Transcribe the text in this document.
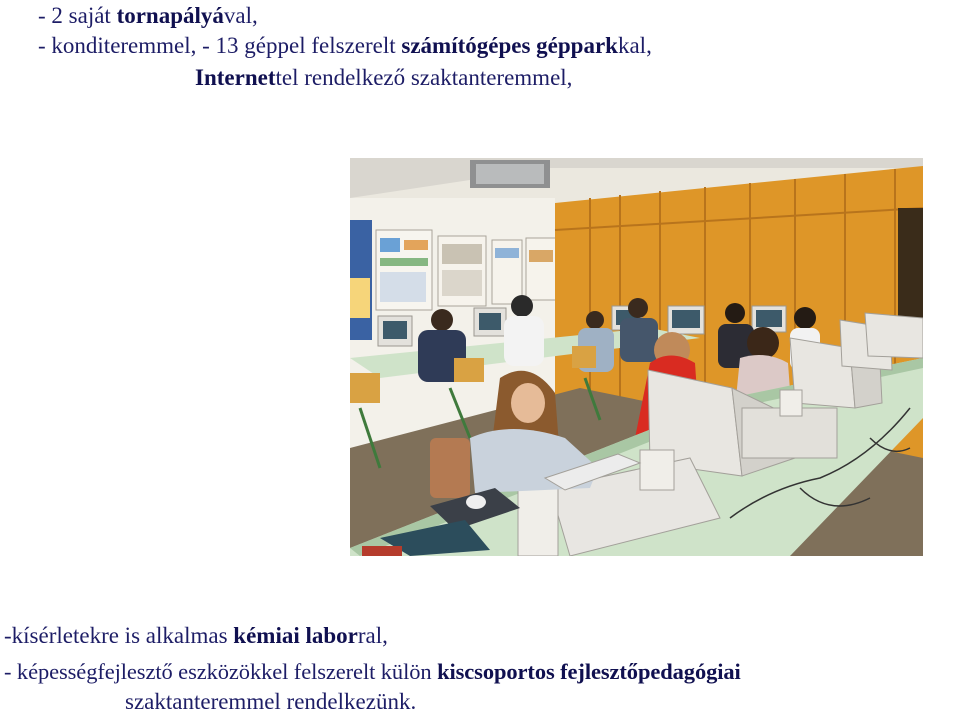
- 2 saját tornapályával,
- konditeremmel, - 13 géppel felszerelt számítógépes gépparkkal,
Internettel rendelkező szaktanteremmel,
-kísérletekre is alkalmas kémiai laborral,
- képességfejlesztő eszközökkel felszerelt külön kiscsoportos fejlesztőpedagógiai
szaktanteremmel rendelkezünk.
